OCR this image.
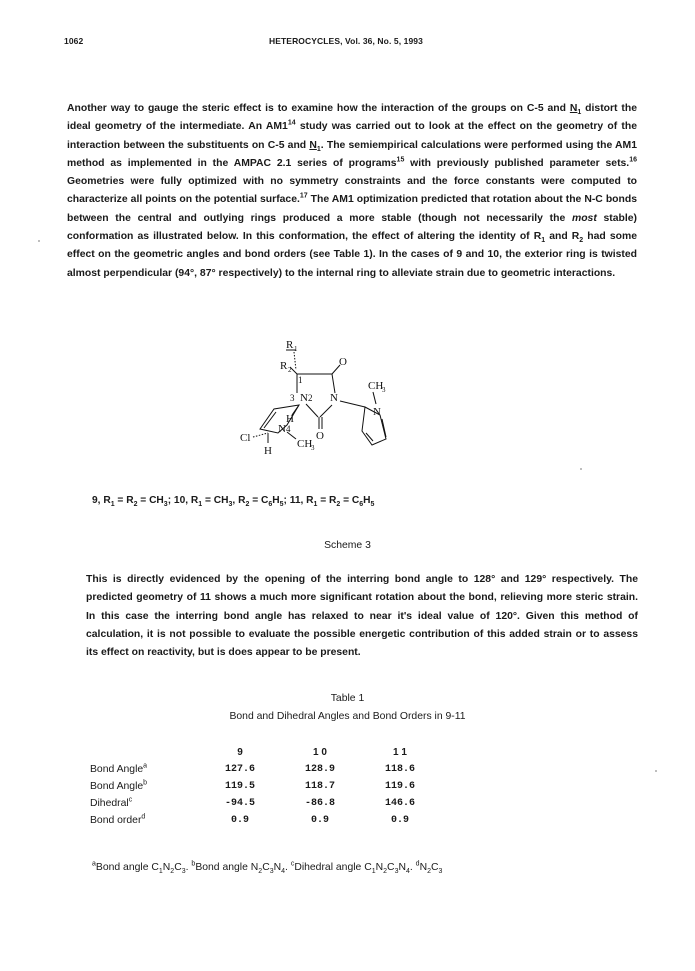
1062	HETEROCYCLES, Vol. 36, No. 5, 1993
Another way to gauge the steric effect is to examine how the interaction of the groups on C-5 and $N_1$ distort the ideal geometry of the intermediate. An $AM1^{14}$ study was carried out to look at the effect on the geometry of the interaction between the substituents on C-5 and $N_1$. The semiempirical calculations were performed using the AM1 method as implemented in the AMPAC 2.1 series of programs$^{15}$ with previously published parameter sets.$^{16}$ Geometries were fully optimized with no symmetry constraints and the force constants were computed to characterize all points on the potential surface.$^{17}$ The AM1 optimization predicted that rotation about the N-C bonds between the central and outlying rings produced a more stable (though not necessarily the most stable) conformation as illustrated below. In this conformation, the effect of altering the identity of $R_1$ and $R_2$ had some effect on the geometric angles and bond orders (see Table 1). In the cases of 9 and 10, the exterior ring is twisted almost perpendicular (94°, 87° respectively) to the internal ring to alleviate strain due to geometric interactions.
R 1
R 2
O
1
N 2
3	N
O
CH
3
N
H
N 4
CH
3
Cl
H
9, $R_1 = R_2 = CH_3$; 10, $R_1 = CH_3$, $R_2 = C_6H_5$; 11, $R_1 = R_2 = C_6H_5$
Scheme 3
This is directly evidenced by the opening of the interring bond angle to 128° and 129° respectively. The predicted geometry of 11 shows a much more significant rotation about the bond, relieving more steric strain. In this case the interring bond angle has relaxed to near it's ideal value of 120°. Given this method of calculation, it is not possible to evaluate the possible energetic contribution of this added strain or to assess its effect on reactivity, but is does appear to be present.
Table 1
Bond and Dihedral Angles and Bond Orders in 9-11
	9	1 0	1 1
Bond Angle$^a$	127.6	128.9	118.6
Bond Angle$^b$	119.5	118.7	119.6
Dihedral$^c$	-94.5	-86.8	146.6
Bond order$^d$	0.9	0.9	0.9
$^a$Bond angle $C_1N_2C_3$. $^b$Bond angle $N_2C_3N_4$. $^c$Dihedral angle $C_1N_2C_3N_4$. $^dN_2C_3$
